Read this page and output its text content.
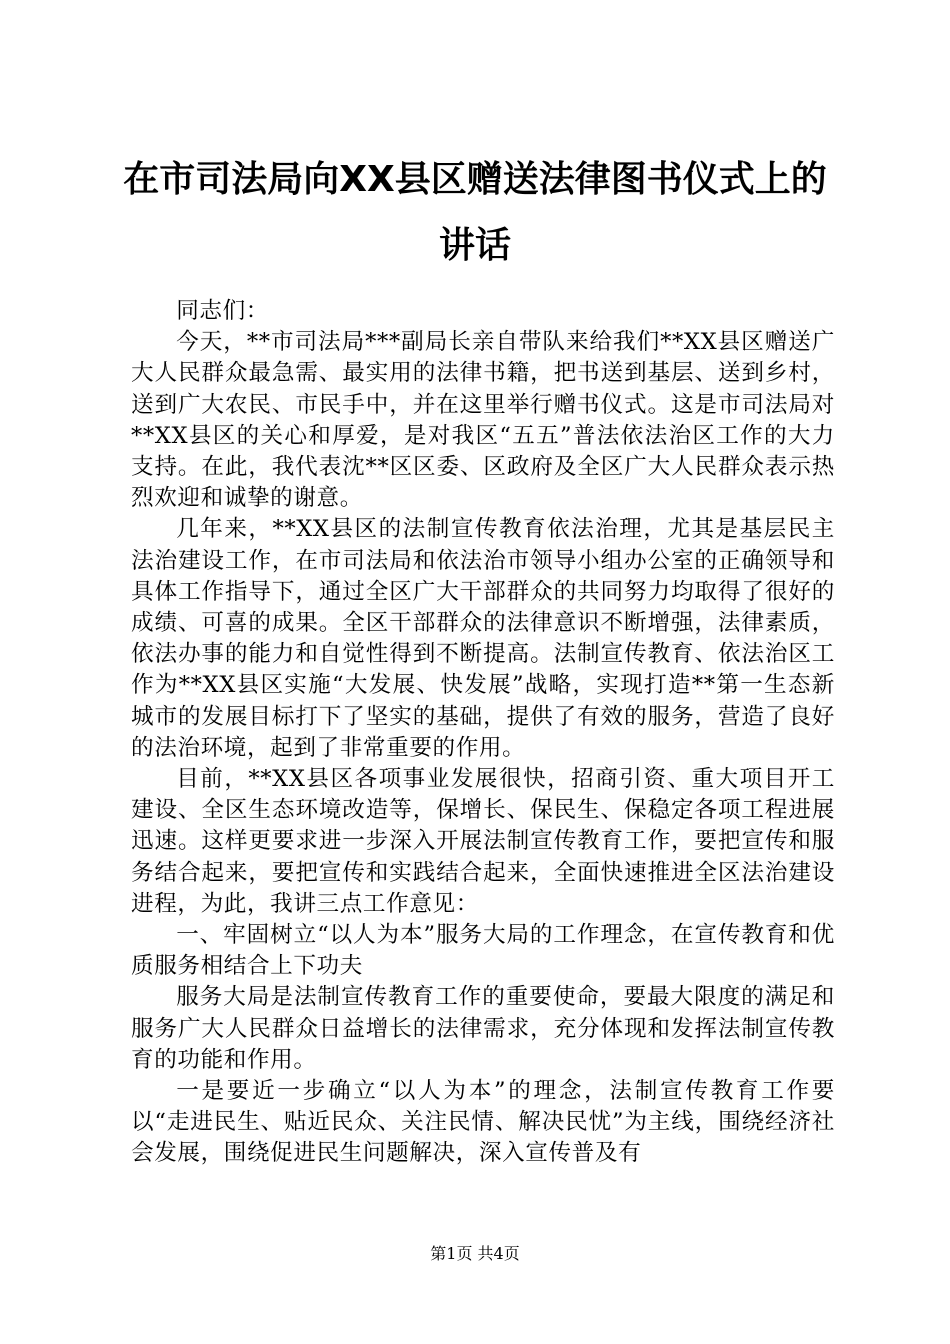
在市司法局向XX县区赠送法律图书仪式上的
讲话

同志们：

今天，**市司法局***副局长亲自带队来给我们**XX县区赠送广大人民群众最急需、最实用的法律书籍，把书送到基层、送到乡村，送到广大农民、市民手中，并在这里举行赠书仪式。这是市司法局对**XX县区的关心和厚爱，是对我区“五五”普法依法治区工作的大力支持。在此，我代表沈**区区委、区政府及全区广大人民群众表示热烈欢迎和诚挚的谢意。

几年来，**XX县区的法制宣传教育依法治理，尤其是基层民主法治建设工作，在市司法局和依法治市领导小组办公室的正确领导和具体工作指导下，通过全区广大干部群众的共同努力均取得了很好的成绩、可喜的成果。全区干部群众的法律意识不断增强，法律素质，依法办事的能力和自觉性得到不断提高。法制宣传教育、依法治区工作为**XX县区实施“大发展、快发展”战略，实现打造**第一生态新城市的发展目标打下了坚实的基础，提供了有效的服务，营造了良好的法治环境，起到了非常重要的作用。

目前，**XX县区各项事业发展很快，招商引资、重大项目开工建设、全区生态环境改造等，保增长、保民生、保稳定各项工程进展迅速。这样更要求进一步深入开展法制宣传教育工作，要把宣传和服务结合起来，要把宣传和实践结合起来，全面快速推进全区法治建设进程，为此，我讲三点工作意见：

一、牢固树立“以人为本”服务大局的工作理念，在宣传教育和优质服务相结合上下功夫

服务大局是法制宣传教育工作的重要使命，要最大限度的满足和服务广大人民群众日益增长的法律需求，充分体现和发挥法制宣传教育的功能和作用。

一是要近一步确立“以人为本”的理念，法制宣传教育工作要以“走进民生、贴近民众、关注民情、解决民忧”为主线，围绕经济社会发展，围绕促进民生问题解决，深入宣传普及有

第1页 共4页
